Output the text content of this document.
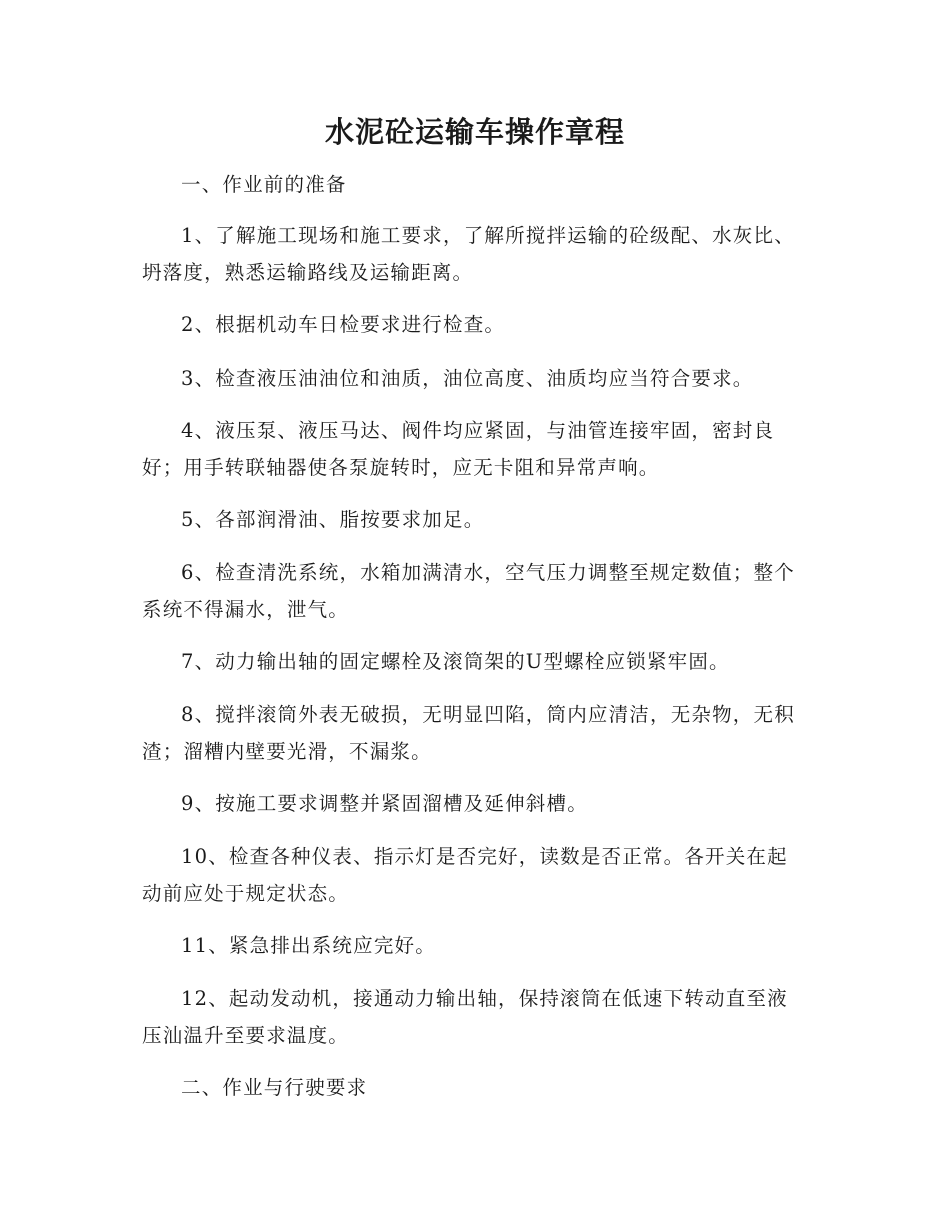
水泥砼运输车操作章程

一、作业前的准备

1、了解施工现场和施工要求，了解所搅拌运输的砼级配、水灰比、坍落度，熟悉运输路线及运输距离。

2、根据机动车日检要求进行检查。

3、检查液压油油位和油质，油位高度、油质均应当符合要求。

4、液压泵、液压马达、阀件均应紧固，与油管连接牢固，密封良好；用手转联轴器使各泵旋转时，应无卡阻和异常声响。

5、各部润滑油、脂按要求加足。

6、检查清洗系统，水箱加满清水，空气压力调整至规定数值；整个系统不得漏水，泄气。

7、动力输出轴的固定螺栓及滚筒架的U型螺栓应锁紧牢固。

8、搅拌滚筒外表无破损，无明显凹陷，筒内应清洁，无杂物，无积渣；溜糟内壁要光滑，不漏浆。

9、按施工要求调整并紧固溜槽及延伸斜槽。

10、检查各种仪表、指示灯是否完好，读数是否正常。各开关在起动前应处于规定状态。

11、紧急排出系统应完好。

12、起动发动机，接通动力输出轴，保持滚筒在低速下转动直至液压汕温升至要求温度。

二、作业与行驶要求
